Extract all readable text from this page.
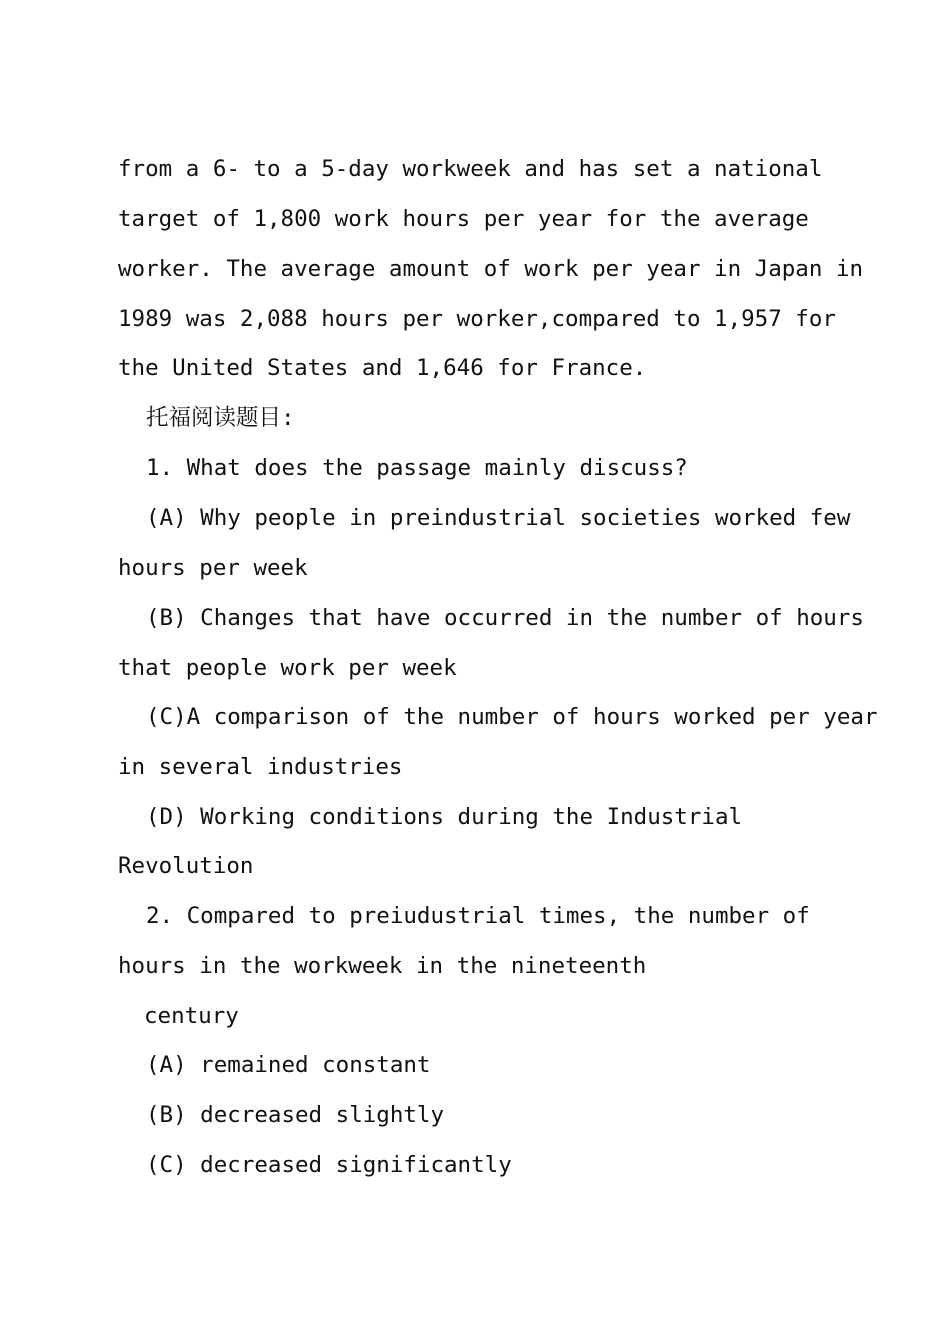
from a 6- to a 5-day workweek and has set a national
target of 1,800 work hours per year for the average
worker. The average amount of work per year in Japan in
1989 was 2,088 hours per worker,compared to 1,957 for
the United States and 1,646 for France.
托福阅读题目:
1. What does the passage mainly discuss?
(A) Why people in preindustrial societies worked few
hours per week
(B) Changes that have occurred in the number of hours
that people work per week
(C)A comparison of the number of hours worked per year
in several industries
(D) Working conditions during the Industrial
Revolution
2. Compared to preiudustrial times, the number of
hours in the workweek in the nineteenth
century
(A) remained constant
(B) decreased slightly
(C) decreased significantly
